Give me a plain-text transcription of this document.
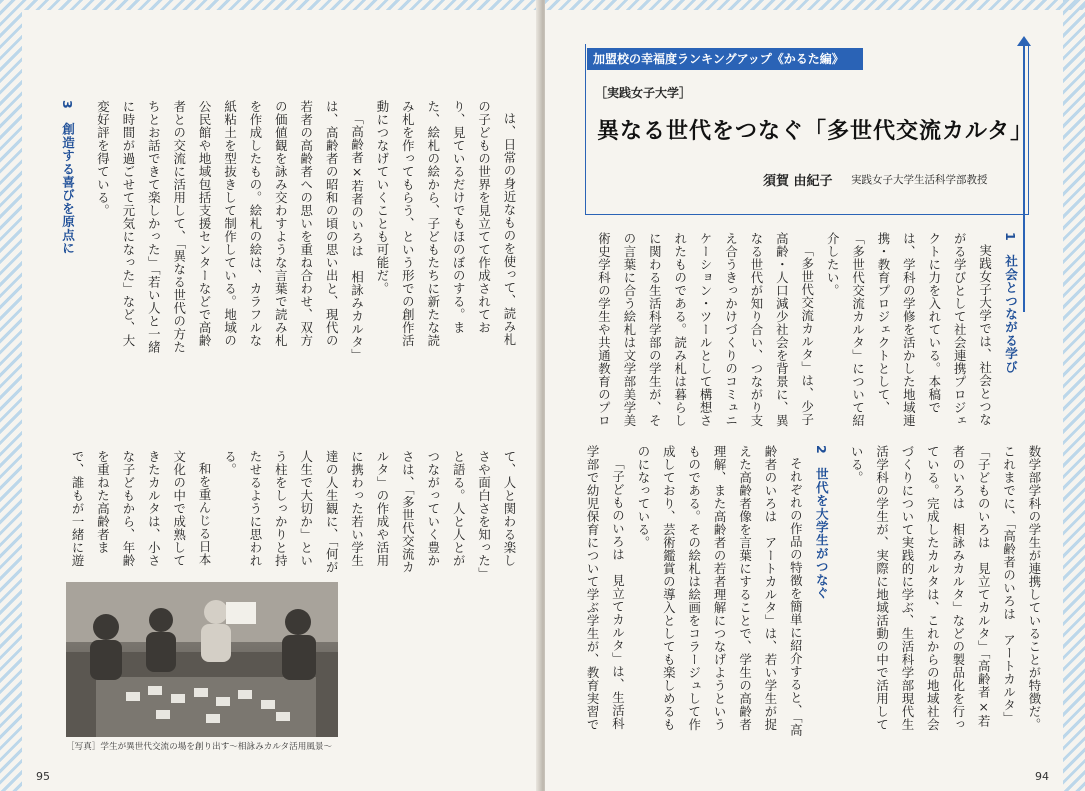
は、日常の身近なものを使って、読み札の子どもの世界を見立てて作成されており、見ているだけでもほのぼのする。また、絵札の絵から、子どもたちに新たな読み札を作ってもらう、という形での創作活動につなげていくことも可能だ。

「高齢者×若者のいろは　相詠みカルタ」は、高齢者の昭和の頃の思い出と、現代の若者の高齢者への思いを重ね合わせ、双方の価値観を詠み交わすような言葉で読み札を作成したもの。絵札の絵は、カラフルな紙粘土を型抜きして制作している。地域の公民館や地域包括支援センターなどで高齢者との交流に活用して、「異なる世代の方たちとお話できて楽しかった」「若い人と一緒に時間が過ごせて元気になった」など、大変好評を得ている。

3　創造する喜びを原点に

て、人と関わる楽しさや面白さを知った」と語る。人と人とがつながっていく豊かさは、「多世代交流カルタ」の作成や活用に携わった若い学生達の人生観に、「何が人生で大切か」という柱をしっかりと持たせるように思われる。

和を重んじる日本文化の中で成熟してきたカルタは、小さな子どもから、年齢を重ねた高齢者まで、誰もが一緒に遊

［写真］学生が異世代交流の場を創り出す～相詠みカルタ活用風景～
95
加盟校の幸福度ランキングアップ《かるた編》
［実践女子大学］
異なる世代をつなぐ「多世代交流カルタ」
須賀 由紀子 実践女子大学生活科学部教授

1　社会とつながる学び

実践女子大学では、社会とつながる学びとして社会連携プロジェクトに力を入れている。本稿では、学科の学修を活かした地域連携・教育プロジェクトとして、「多世代交流カルタ」について紹介したい。

「多世代交流カルタ」は、少子高齢・人口減少社会を背景に、異なる世代が知り合い、つながり支え合うきっかけづくりのコミュニケーション・ツールとして構想されたものである。読み札は暮らしに関わる生活科学部の学生が、その言葉に合う絵札は文学部美学美術史学科の学生や共通教育のプロ

数学部学科の学生が連携していることが特徴だ。これまでに、「高齢者のいろは　アートカルタ」「子どものいろは　見立てカルタ」「高齢者×若者のいろは　相詠みカルタ」などの製品化を行っている。完成したカルタは、これからの地域社会づくりについて実践的に学ぶ、生活科学部現代生活学科の学生が、実際に地域活動の中で活用している。

2　世代を大学生がつなぐ

それぞれの作品の特徴を簡単に紹介すると、「高齢者のいろは　アートカルタ」は、若い学生が捉えた高齢者像を言葉にすることで、学生の高齢者理解、また高齢者の若者理解につなげようというものである。その絵札は絵画をコラージュして作成しており、芸術鑑賞の導入としても楽しめるものになっている。

「子どものいろは　見立てカルタ」は、生活科学部で幼児保育について学ぶ学生が、教育実習で

94
